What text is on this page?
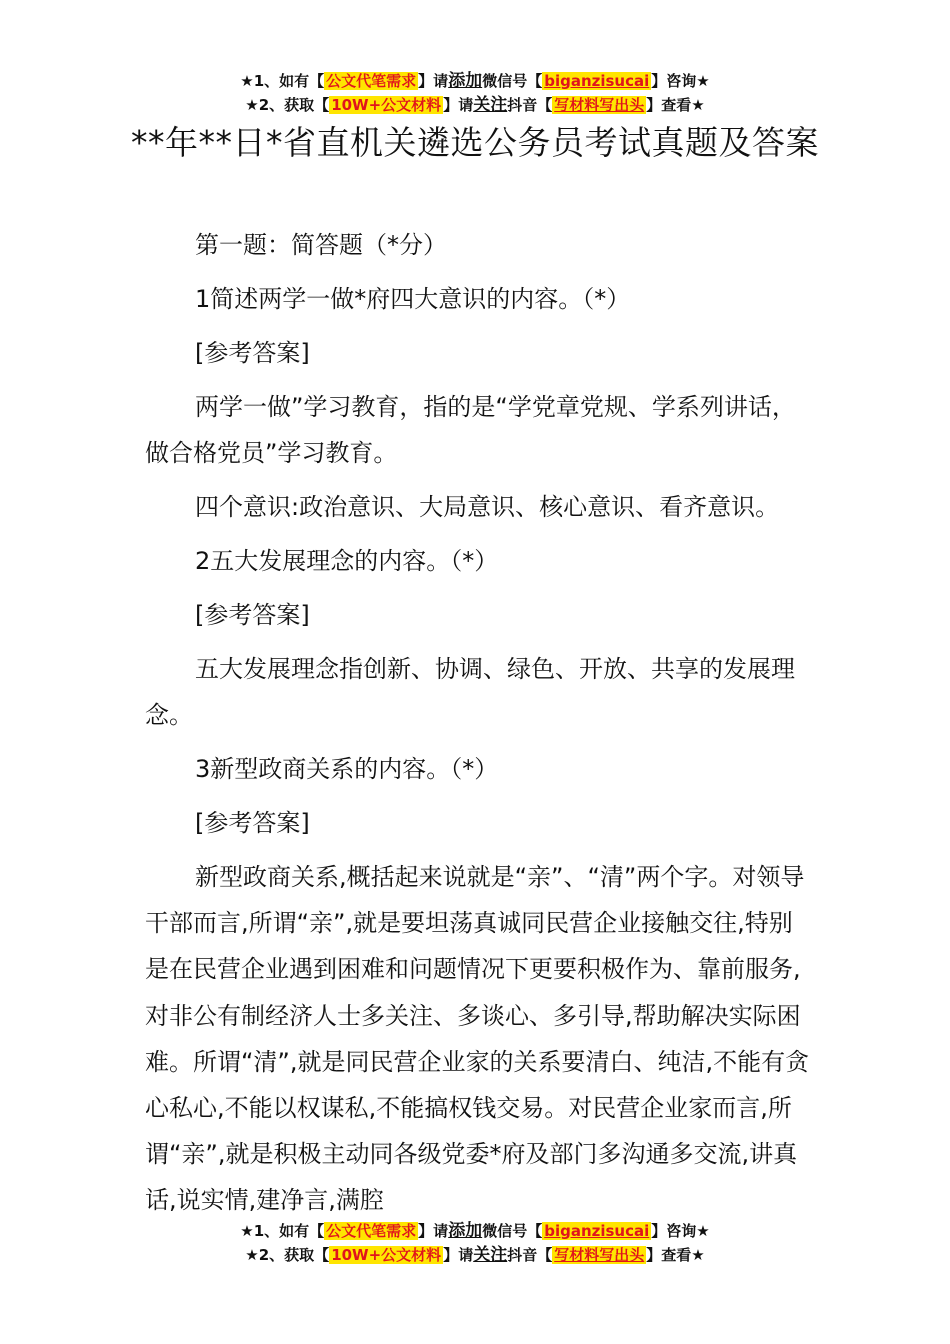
★1、如有【 公文代笔需求 】请添加微信号【 biganzisucai 】咨询★
★2、获取【 10W+公文材料 】请关注抖音【 写材料写出头 】查看★
**年**日*省直机关遴选公务员考试真题及答案

第一题：简答题（*分）

1简述两学一做*府四大意识的内容。（*）

[参考答案]

两学一做”学习教育，指的是“学党章党规、学系列讲话，做合格党员”学习教育。

四个意识:政治意识、大局意识、核心意识、看齐意识。

2五大发展理念的内容。（*）

[参考答案]

五大发展理念指创新、协调、绿色、开放、共享的发展理念。

3新型政商关系的内容。（*）

[参考答案]

新型政商关系,概括起来说就是“亲”、“清”两个字。对领导干部而言,所谓“亲”,就是要坦荡真诚同民营企业接触交往,特别是在民营企业遇到困难和问题情况下更要积极作为、靠前服务,对非公有制经济人士多关注、多谈心、多引导,帮助解决实际困难。所谓“清”,就是同民营企业家的关系要清白、纯洁,不能有贪心私心,不能以权谋私,不能搞权钱交易。对民营企业家而言,所谓“亲”,就是积极主动同各级党委*府及部门多沟通多交流,讲真话,说实情,建净言,满腔

★1、如有【 公文代笔需求 】请添加微信号【 biganzisucai 】咨询★
★2、获取【 10W+公文材料 】请关注抖音【 写材料写出头 】查看★
